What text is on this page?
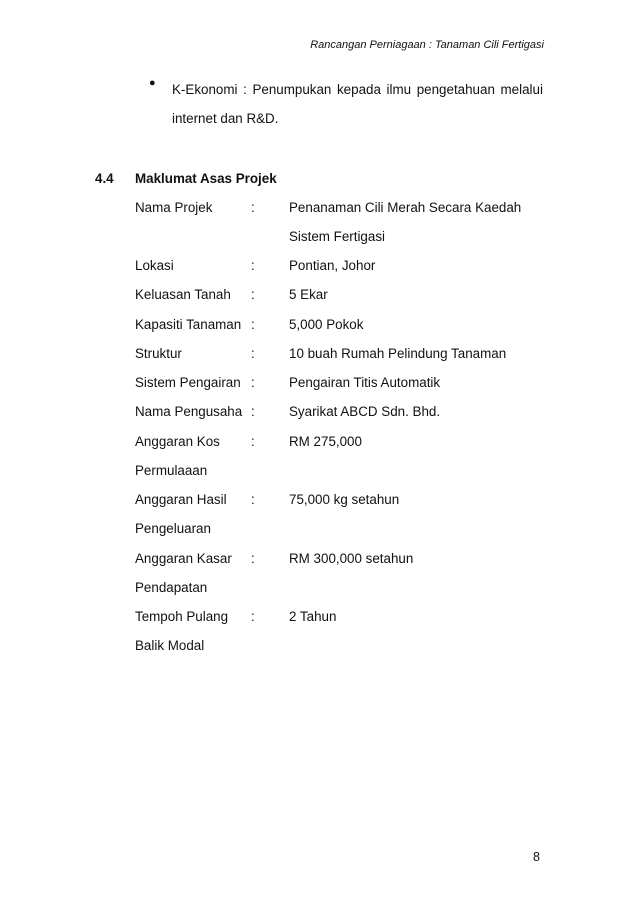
Rancangan Perniagaan : Tanaman Cili Fertigasi
● K-Ekonomi : Penumpukan kepada ilmu pengetahuan melalui
internet dan R&D.
4.4 Maklumat Asas Projek
Nama Projek	:	Penanaman Cili Merah Secara Kaedah
Sistem Fertigasi
Lokasi	:	Pontian, Johor
Keluasan Tanah :	5 Ekar
Kapasiti Tanaman :	5,000 Pokok
Struktur	:	10 buah Rumah Pelindung Tanaman
Sistem Pengairan :	Pengairan Titis Automatik
Nama Pengusaha :	Syarikat ABCD Sdn. Bhd.
Anggaran Kos :	RM 275,000
Permulaaan
Anggaran Hasil :	75,000 kg setahun
Pengeluaran
Anggaran Kasar :	RM 300,000 setahun
Pendapatan
Tempoh Pulang :	2 Tahun
Balik Modal
8
